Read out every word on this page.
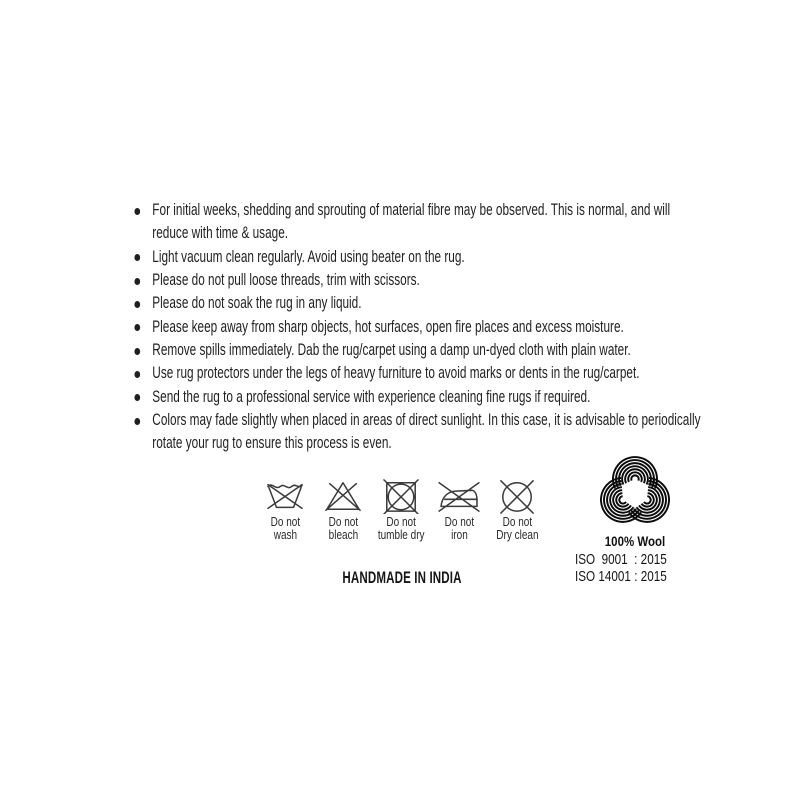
For initial weeks, shedding and sprouting of material fibre may be observed. This is normal, and will reduce with time & usage.
Light vacuum clean regularly. Avoid using beater on the rug.
Please do not pull loose threads, trim with scissors.
Please do not soak the rug in any liquid.
Please keep away from sharp objects, hot surfaces, open fire places and excess moisture.
Remove spills immediately. Dab the rug/carpet using a damp un-dyed cloth with plain water.
Use rug protectors under the legs of heavy furniture to avoid marks or dents in the rug/carpet.
Send the rug to a professional service with experience cleaning fine rugs if required.
Colors may fade slightly when placed in areas of direct sunlight. In this case, it is advisable to periodically rotate your rug to ensure this process is even.
Do not
wash
Do not
bleach
Do not
tumble dry
Do not
iron
Do not
Dry clean	100% Wool
ISO  9001  : 2015
ISO 14001 : 2015
HANDMADE IN INDIA
